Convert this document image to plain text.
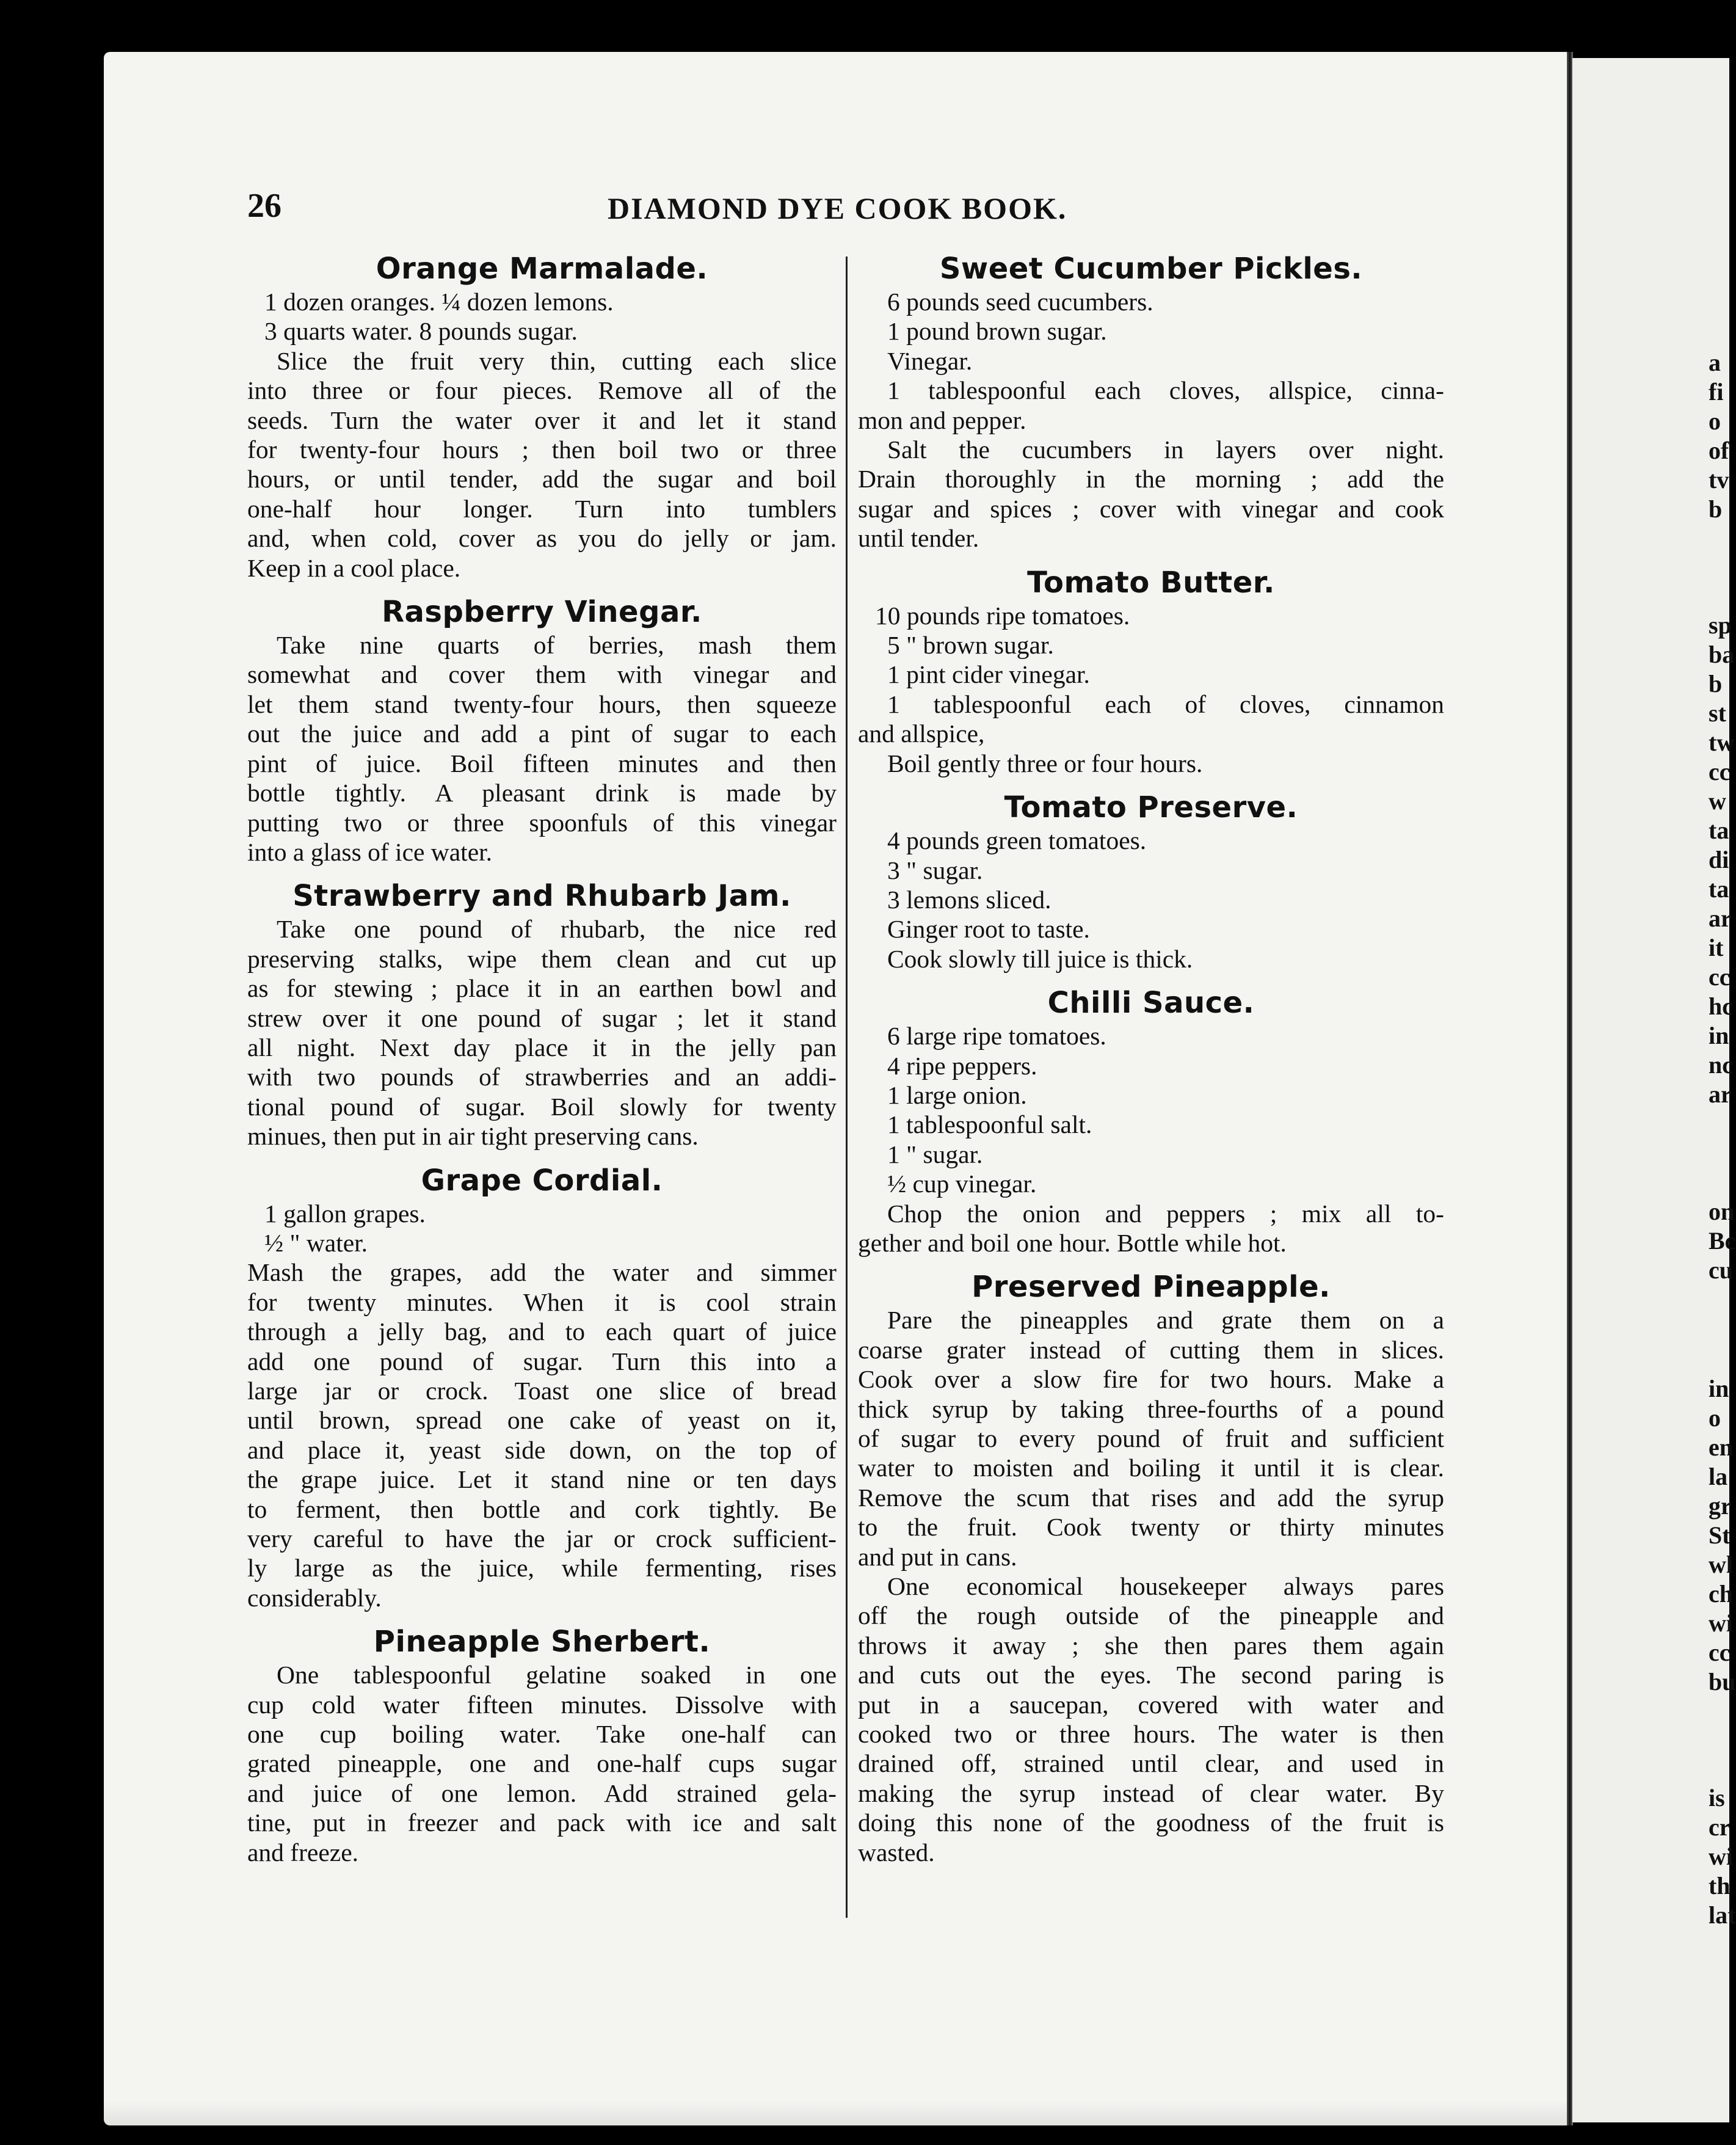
26	DIAMOND DYE COOK BOOK.
Orange Marmalade.
1 dozen oranges. ¼ dozen lemons.
3 quarts water. 8 pounds sugar.
Slice the fruit very thin, cutting each slice
into three or four pieces. Remove all of the
seeds. Turn the water over it and let it stand
for twenty-four hours ; then boil two or three
hours, or until tender, add the sugar and boil
one-half hour longer. Turn into tumblers
and, when cold, cover as you do jelly or jam.
Keep in a cool place.
Raspberry Vinegar.
Take nine quarts of berries, mash them
somewhat and cover them with vinegar and
let them stand twenty-four hours, then squeeze
out the juice and add a pint of sugar to each
pint of juice. Boil fifteen minutes and then
bottle tightly. A pleasant drink is made by
putting two or three spoonfuls of this vinegar
into a glass of ice water.
Strawberry and Rhubarb Jam.
Take one pound of rhubarb, the nice red
preserving stalks, wipe them clean and cut up
as for stewing ; place it in an earthen bowl and
strew over it one pound of sugar ; let it stand
all night. Next day place it in the jelly pan
with two pounds of strawberries and an addi-
tional pound of sugar. Boil slowly for twenty
minues, then put in air tight preserving cans.
Grape Cordial.
1 gallon grapes.
½ " water.
Mash the grapes, add the water and simmer
for twenty minutes. When it is cool strain
through a jelly bag, and to each quart of juice
add one pound of sugar. Turn this into a
large jar or crock. Toast one slice of bread
until brown, spread one cake of yeast on it,
and place it, yeast side down, on the top of
the grape juice. Let it stand nine or ten days
to ferment, then bottle and cork tightly. Be
very careful to have the jar or crock sufficient-
ly large as the juice, while fermenting, rises
considerably.
Pineapple Sherbert.
One tablespoonful gelatine soaked in one
cup cold water fifteen minutes. Dissolve with
one cup boiling water. Take one-half can
grated pineapple, one and one-half cups sugar
and juice of one lemon. Add strained gela-
tine, put in freezer and pack with ice and salt
and freeze.
Sweet Cucumber Pickles.
6 pounds seed cucumbers.
1 pound brown sugar.
Vinegar.
1 tablespoonful each cloves, allspice, cinna-
mon and pepper.
Salt the cucumbers in layers over night.
Drain thoroughly in the morning ; add the
sugar and spices ; cover with vinegar and cook
until tender.
Tomato Butter.
10 pounds ripe tomatoes.
5 " brown sugar.
1 pint cider vinegar.
1 tablespoonful each of cloves, cinnamon
and allspice,
Boil gently three or four hours.
Tomato Preserve.
4 pounds green tomatoes.
3 " sugar.
3 lemons sliced.
Ginger root to taste.
Cook slowly till juice is thick.
Chilli Sauce.
6 large ripe tomatoes.
4 ripe peppers.
1 large onion.
1 tablespoonful salt.
1 " sugar.
½ cup vinegar.
Chop the onion and peppers ; mix all to-
gether and boil one hour. Bottle while hot.
Preserved Pineapple.
Pare the pineapples and grate them on a
coarse grater instead of cutting them in slices.
Cook over a slow fire for two hours. Make a
thick syrup by taking three-fourths of a pound
of sugar to every pound of fruit and sufficient
water to moisten and boiling it until it is clear.
Remove the scum that rises and add the syrup
to the fruit. Cook twenty or thirty minutes
and put in cans.
One economical housekeeper always pares
off the rough outside of the pineapple and
throws it away ; she then pares them again
and cuts out the eyes. The second paring is
put in a saucepan, covered with water and
cooked two or three hours. The water is then
drained off, strained until clear, and used in
making the syrup instead of clear water. By
doing this none of the goodness of the fruit is
wasted.
a
fi
o
of
tv
b
sp
ba
b
st
tw
cc
w
ta
di
ta
ar
it
cc
hc
in
nc
ar
on
Bc
cu
in
o
en
la
gr
St
wl
ch
wi
cc
bu
is
cr
wi
th
lat
